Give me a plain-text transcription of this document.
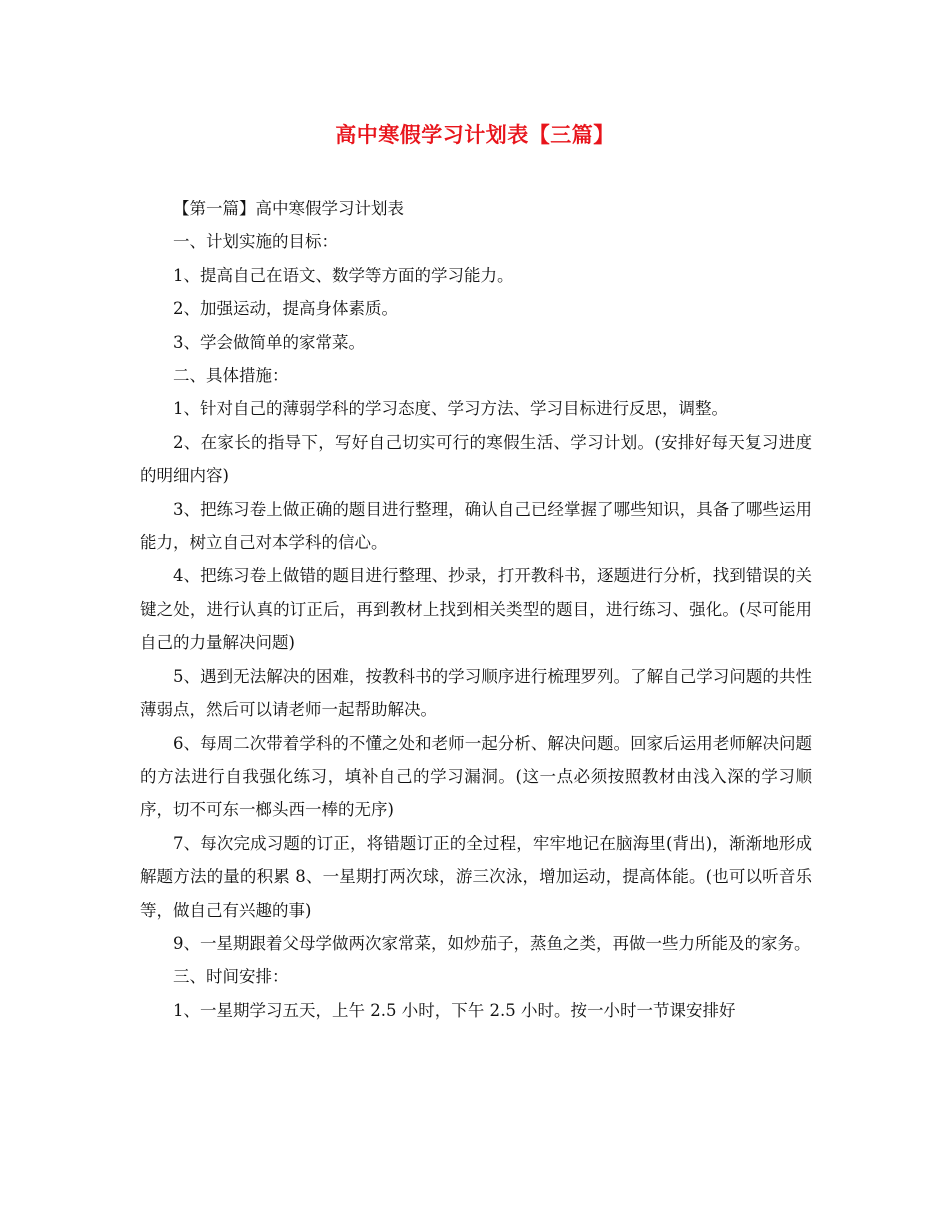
高中寒假学习计划表【三篇】

【第一篇】高中寒假学习计划表

一、计划实施的目标：

1、提高自己在语文、数学等方面的学习能力。

2、加强运动，提高身体素质。

3、学会做简单的家常菜。

二、具体措施：

1、针对自己的薄弱学科的学习态度、学习方法、学习目标进行反思，调整。

2、在家长的指导下，写好自己切实可行的寒假生活、学习计划。(安排好每天复习进度的明细内容)

3、把练习卷上做正确的题目进行整理，确认自己已经掌握了哪些知识，具备了哪些运用能力，树立自己对本学科的信心。

4、把练习卷上做错的题目进行整理、抄录，打开教科书，逐题进行分析，找到错误的关键之处，进行认真的订正后，再到教材上找到相关类型的题目，进行练习、强化。(尽可能用自己的力量解决问题)

5、遇到无法解决的困难，按教科书的学习顺序进行梳理罗列。了解自己学习问题的共性薄弱点，然后可以请老师一起帮助解决。

6、每周二次带着学科的不懂之处和老师一起分析、解决问题。回家后运用老师解决问题的方法进行自我强化练习，填补自己的学习漏洞。(这一点必须按照教材由浅入深的学习顺序，切不可东一榔头西一棒的无序)

7、每次完成习题的订正，将错题订正的全过程，牢牢地记在脑海里(背出)，渐渐地形成解题方法的量的积累 8、一星期打两次球，游三次泳，增加运动，提高体能。(也可以听音乐等，做自己有兴趣的事)

9、一星期跟着父母学做两次家常菜，如炒茄子，蒸鱼之类，再做一些力所能及的家务。

三、时间安排：

1、一星期学习五天，上午 2.5 小时，下午 2.5 小时。按一小时一节课安排好
